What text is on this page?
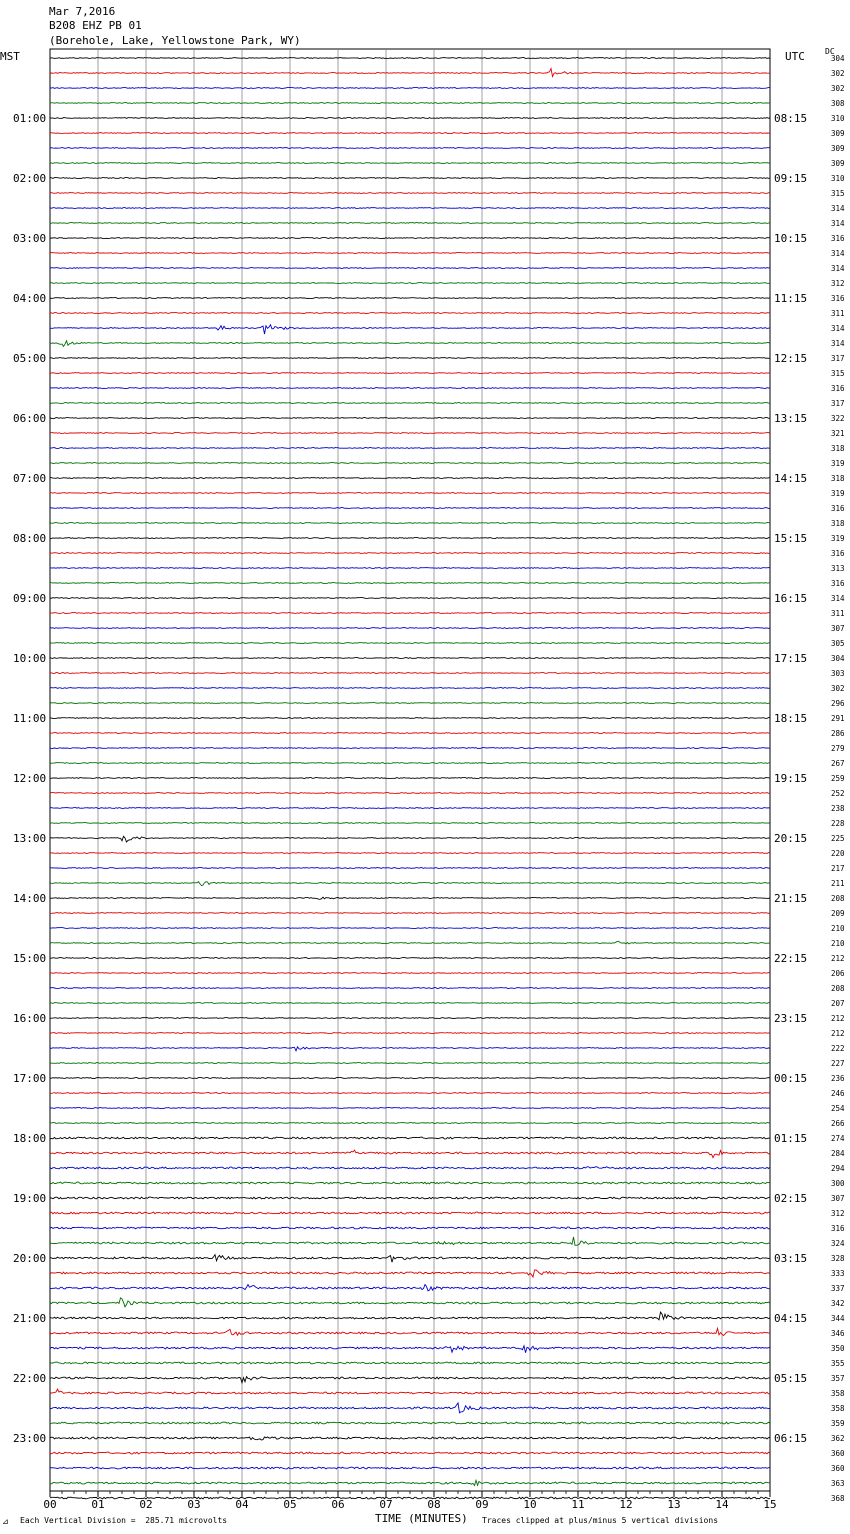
Mar 7,2016
B208 EHZ PB 01
(Borehole, Lake, Yellowstone Park, WY)
MST	UTC	DC
304
302
302
308
310
309
309
309
310
315
314
314
316
314
314
312
316
311
314
314
317
315
316
317
322
321
318
319
318
319
316
318
319
316
313
316
314
311
307
305
304
303
302
296
291
286
279
267
259
252
238
228
225
220
217
211
208
209
210
210
212
206
208
207
212
212
222
227
236
246
254
266
274
284
294
300
307
312
316
324
328
333
337
342
344
346
350
355
357
358
358
359
362
360
360
363
368
01:00
02:00
03:00
04:00
05:00
06:00
07:00
08:00
09:00
10:00
11:00
12:00
13:00
14:00
15:00
16:00
17:00
18:00
19:00
20:00
21:00
22:00
23:00
08:15
09:15
10:15
11:15
12:15
13:15
14:15
15:15
16:15
17:15
18:15
19:15
20:15
21:15
22:15
23:15
00:15
01:15
02:15
03:15
04:15
05:15
06:15
00	01	02	03	04	05	06	07	08	09	10	11	12	13	14	15
⊿ Each Vertical Division =  285.71 microvolts	TIME (MINUTES) Traces clipped at plus/minus 5 vertical divisions
